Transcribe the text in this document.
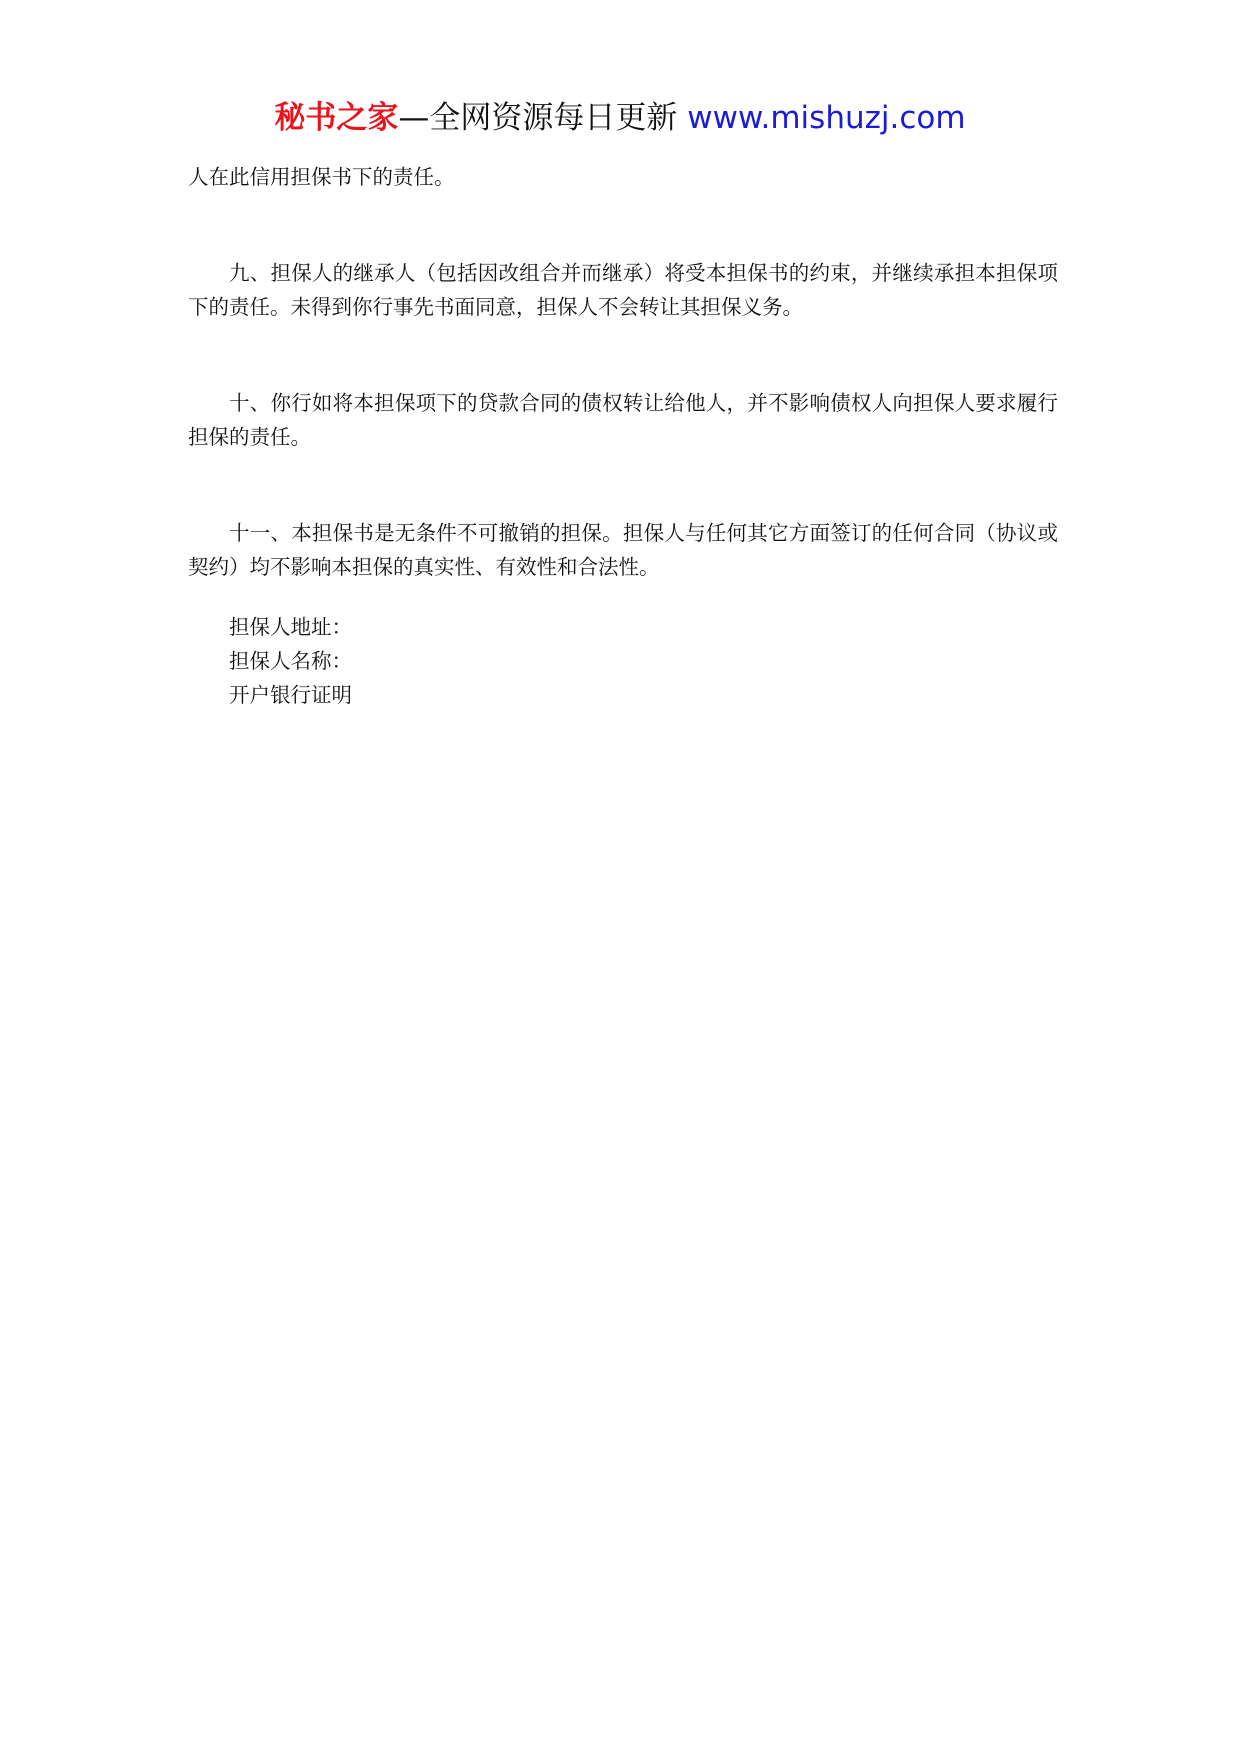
秘书之家—全网资源每日更新 www.mishuzj.com

人在此信用担保书下的责任。

九、担保人的继承人（包括因改组合并而继承）将受本担保书的约束，并继续承担本担保项下的责任。未得到你行事先书面同意，担保人不会转让其担保义务。

十、你行如将本担保项下的贷款合同的债权转让给他人，并不影响债权人向担保人要求履行担保的责任。

十一、本担保书是无条件不可撤销的担保。担保人与任何其它方面签订的任何合同（协议或契约）均不影响本担保的真实性、有效性和合法性。

担保人地址：

担保人名称：

开户银行证明
